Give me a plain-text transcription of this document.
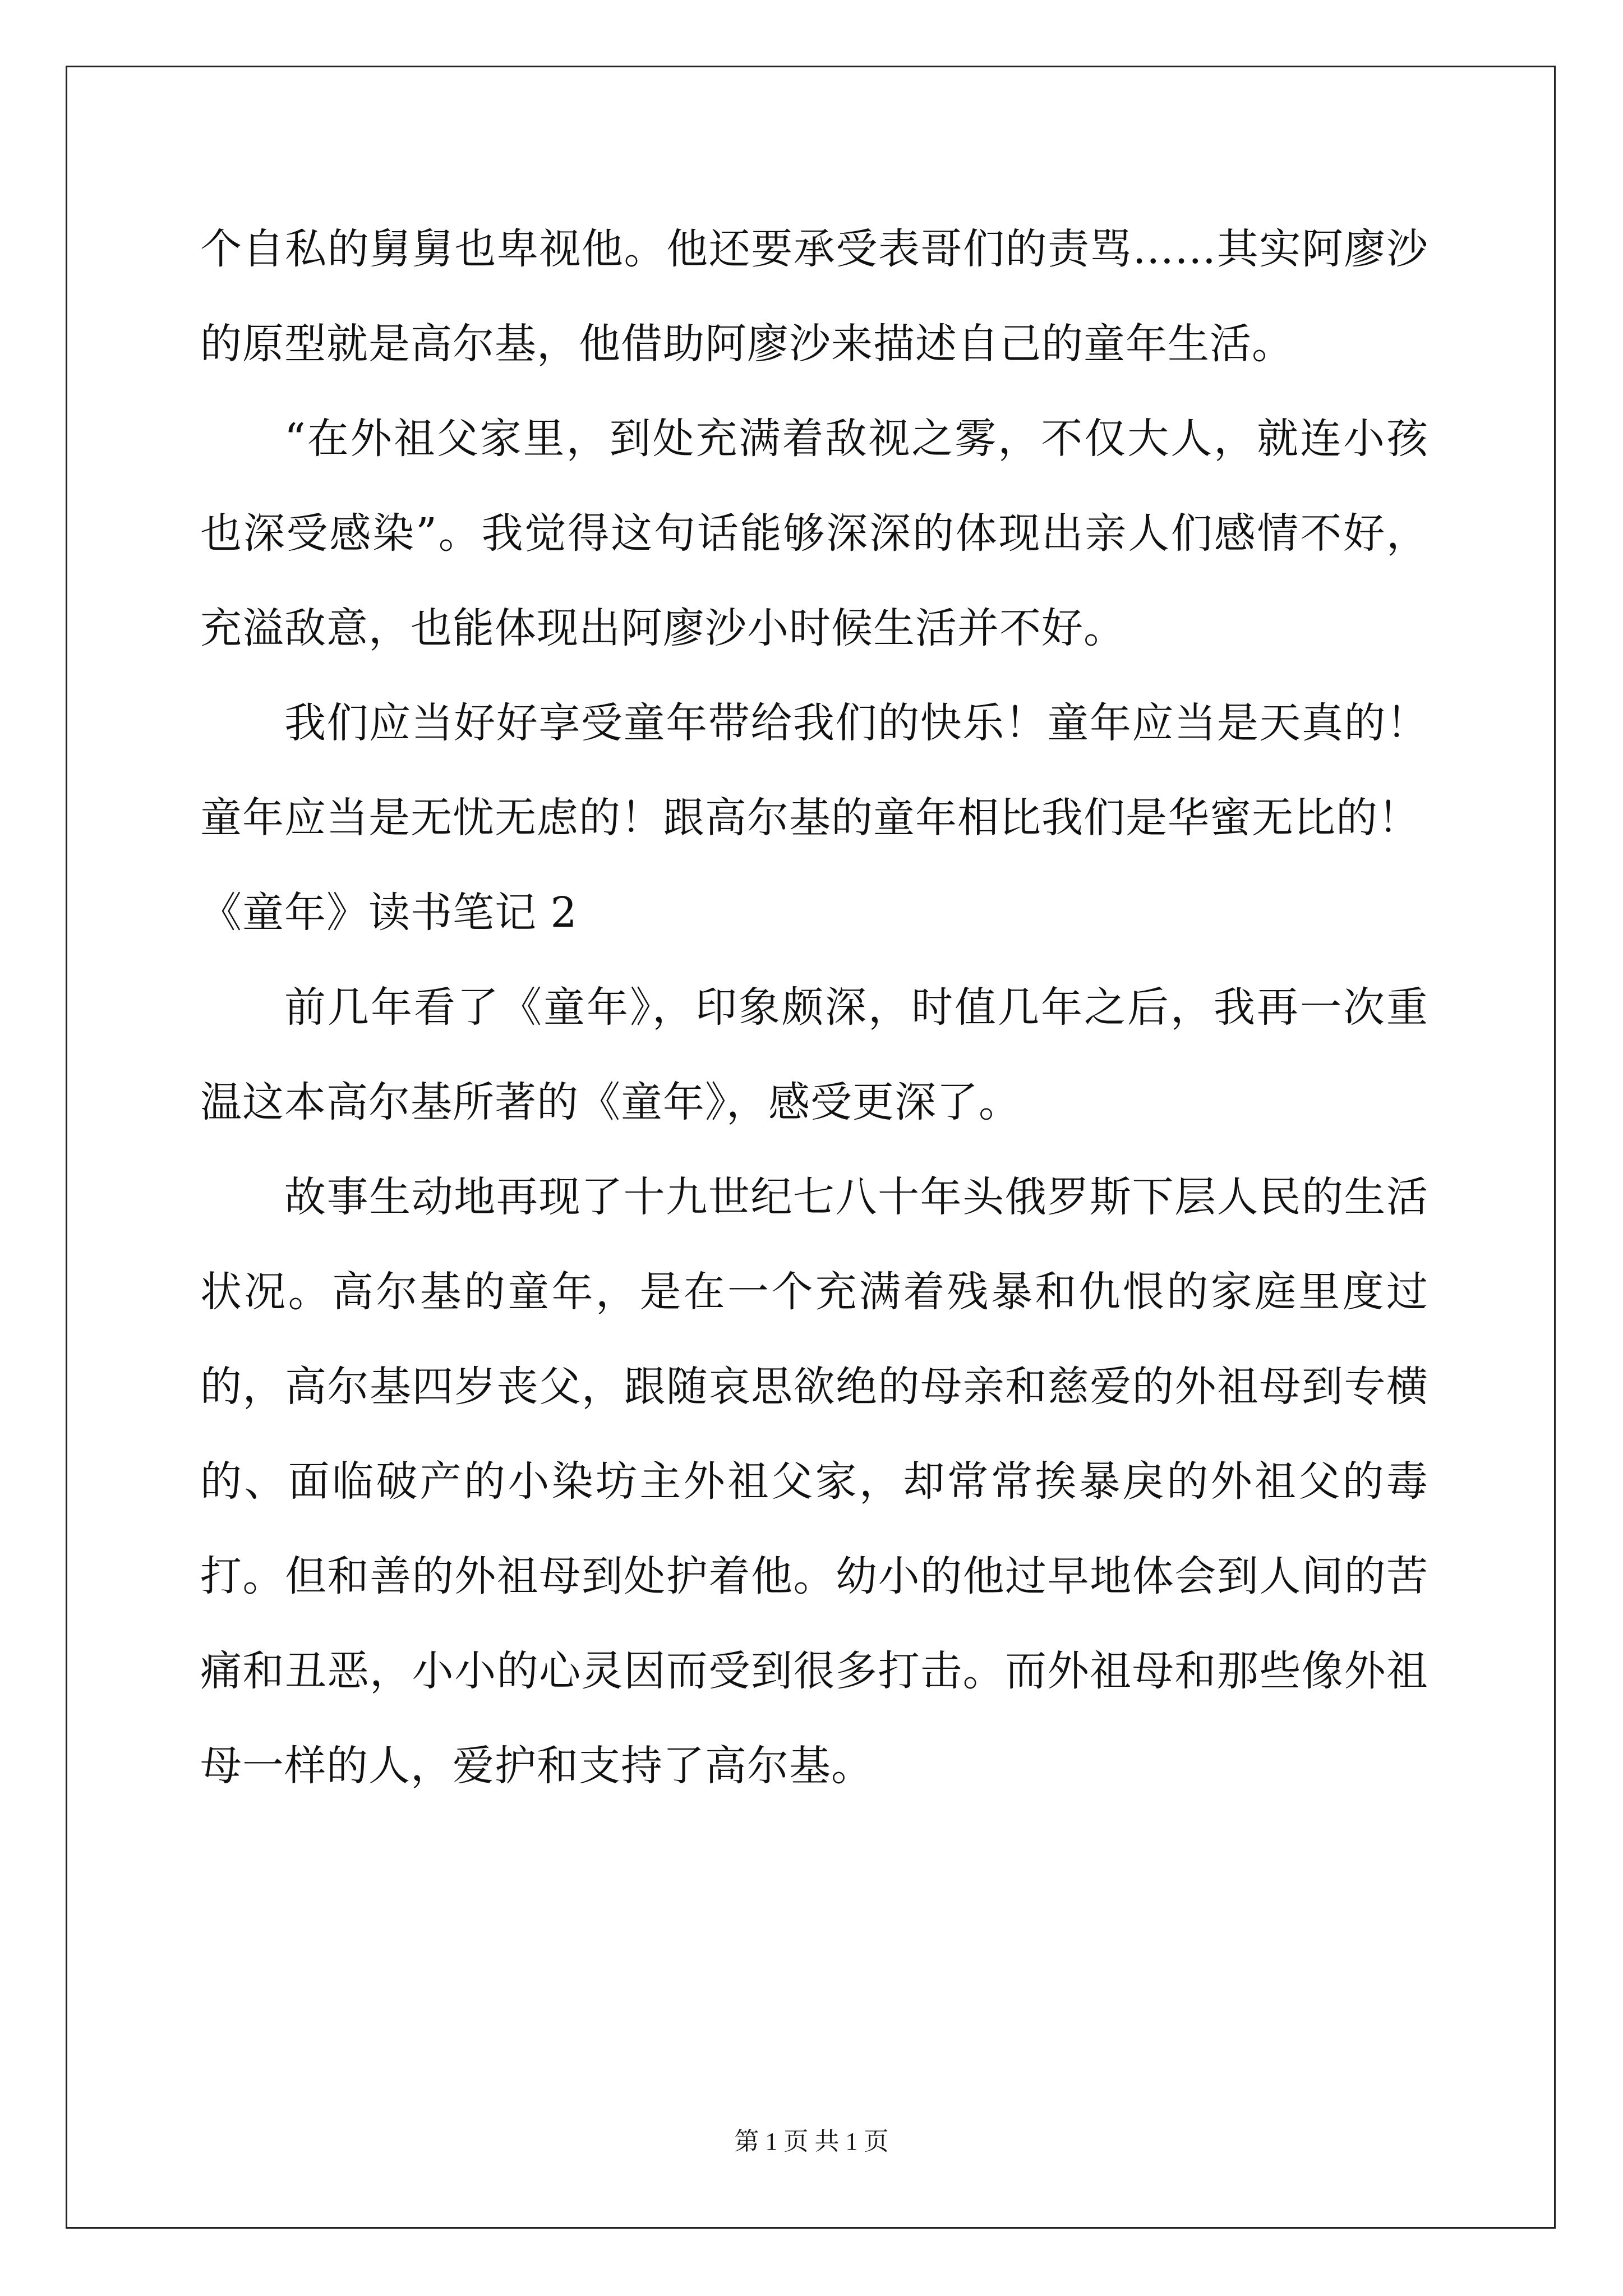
个自私的舅舅也卑视他。他还要承受表哥们的责骂……其实阿廖沙的原型就是高尔基，他借助阿廖沙来描述自己的童年生活。

“在外祖父家里，到处充满着敌视之雾，不仅大人，就连小孩也深受感染”。我觉得这句话能够深深的体现出亲人们感情不好，充溢敌意，也能体现出阿廖沙小时候生活并不好。

我们应当好好享受童年带给我们的快乐！童年应当是天真的！童年应当是无忧无虑的！跟高尔基的童年相比我们是华蜜无比的！

《童年》读书笔记 2

前几年看了《童年》，印象颇深，时值几年之后，我再一次重温这本高尔基所著的《童年》，感受更深了。

故事生动地再现了十九世纪七八十年头俄罗斯下层人民的生活状况。高尔基的童年，是在一个充满着残暴和仇恨的家庭里度过的，高尔基四岁丧父，跟随哀思欲绝的母亲和慈爱的外祖母到专横的、面临破产的小染坊主外祖父家，却常常挨暴戾的外祖父的毒打。但和善的外祖母到处护着他。幼小的他过早地体会到人间的苦痛和丑恶，小小的心灵因而受到很多打击。而外祖母和那些像外祖母一样的人，爱护和支持了高尔基。

第 1 页 共 1 页
